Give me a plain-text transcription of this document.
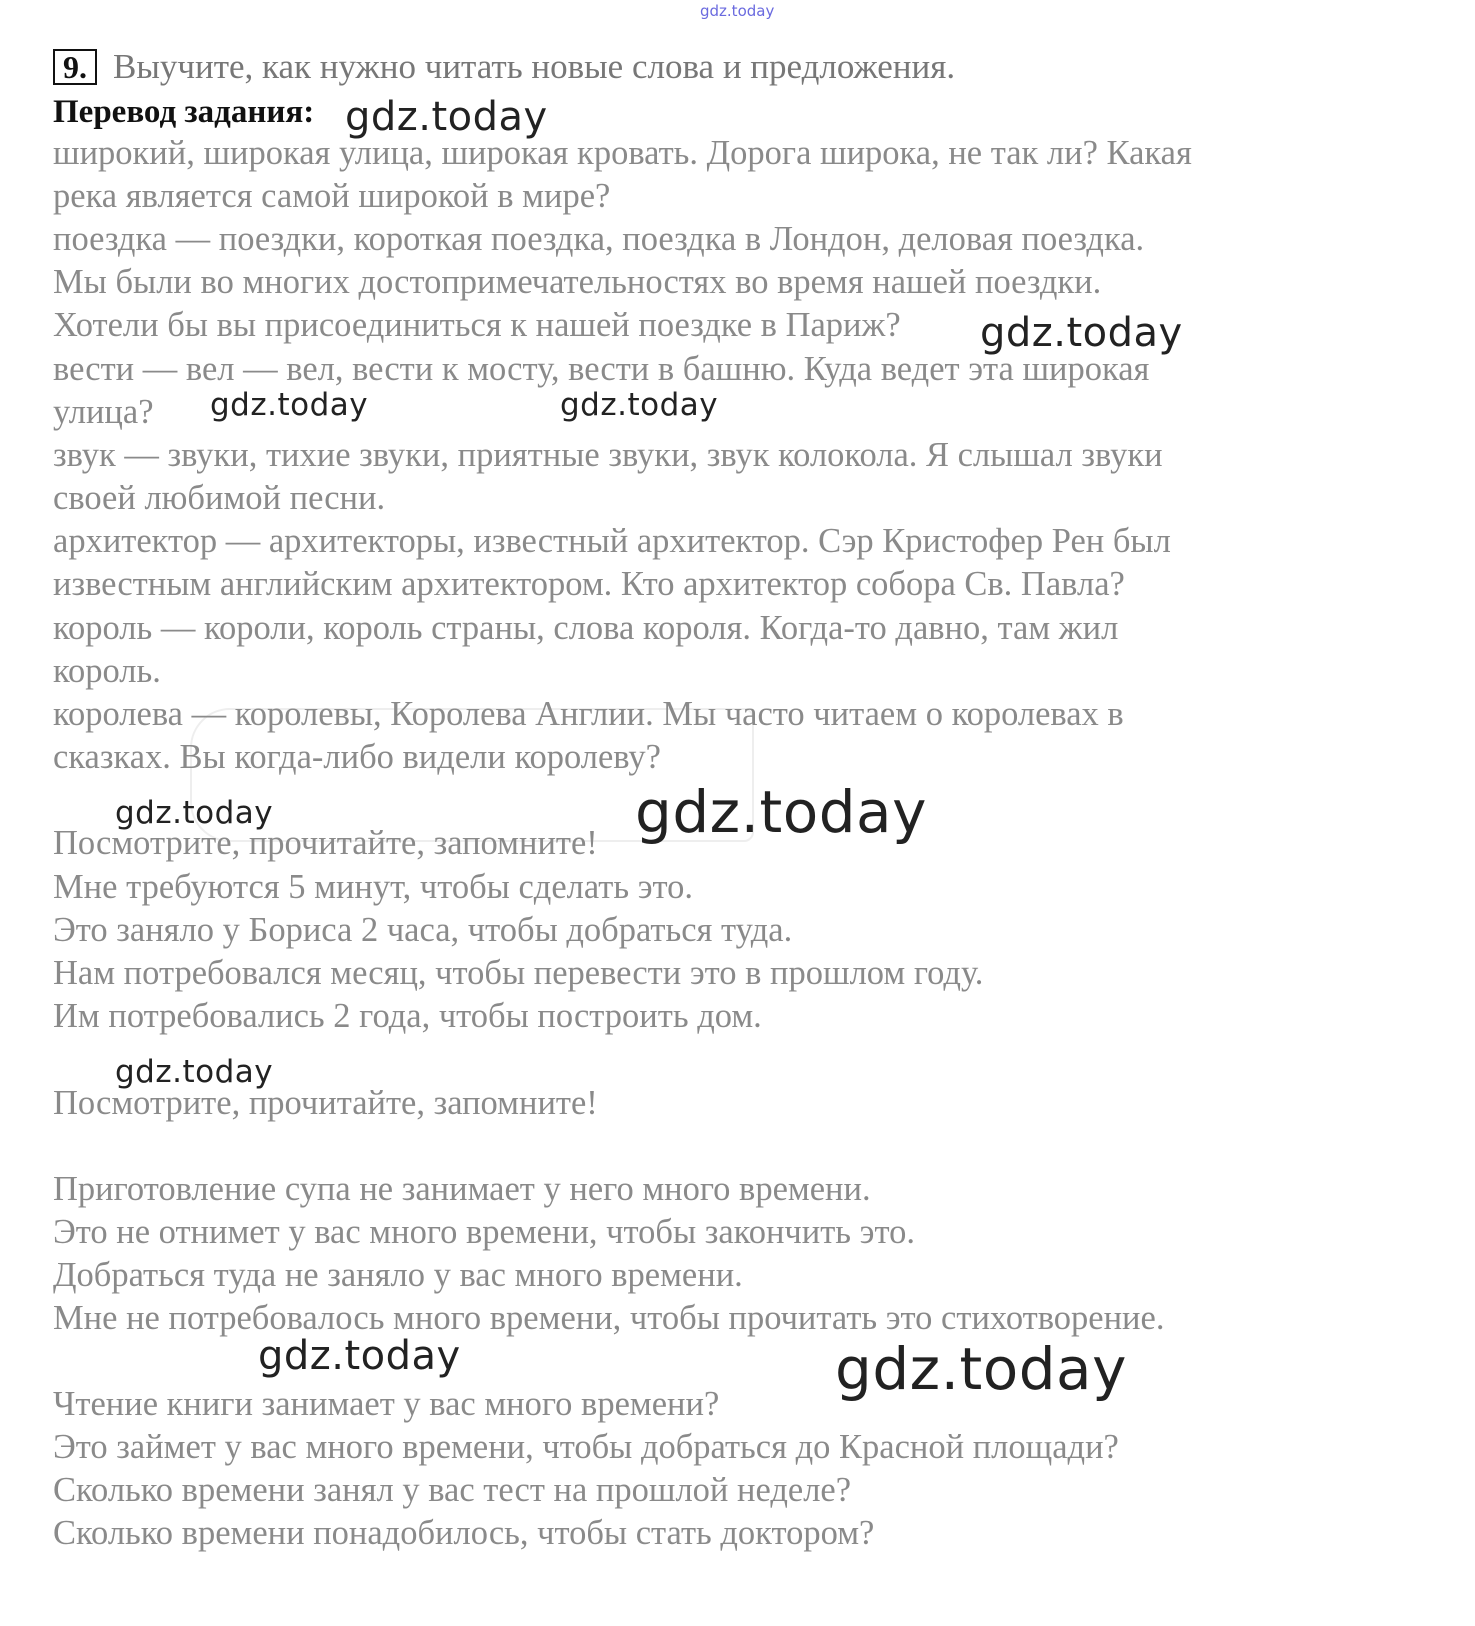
gdz.today
9. Выучите, как нужно читать новые слова и предложения.
Перевод задания:
широкий, широкая улица, широкая кровать. Дорога широка, не так ли? Какая
река является самой широкой в мире?
поездка — поездки, короткая поездка, поездка в Лондон, деловая поездка.
Мы были во многих достопримечательностях во время нашей поездки.
Хотели бы вы присоединиться к нашей поездке в Париж?
вести — вел — вел, вести к мосту, вести в башню. Куда ведет эта широкая
улица?
звук — звуки, тихие звуки, приятные звуки, звук колокола. Я слышал звуки
своей любимой песни.
архитектор — архитекторы, известный архитектор. Сэр Кристофер Рен был
известным английским архитектором. Кто архитектор собора Св. Павла?
король — короли, король страны, слова короля. Когда-то давно, там жил
король.
королева — королевы, Королева Англии. Мы часто читаем о королевах в
сказках. Вы когда-либо видели королеву?
Посмотрите, прочитайте, запомните!
Мне требуются 5 минут, чтобы сделать это.
Это заняло у Бориса 2 часа, чтобы добраться туда.
Нам потребовался месяц, чтобы перевести это в прошлом году.
Им потребовались 2 года, чтобы построить дом.
Посмотрите, прочитайте, запомните!
Приготовление супа не занимает у него много времени.
Это не отнимет у вас много времени, чтобы закончить это.
Добраться туда не заняло у вас много времени.
Мне не потребовалось много времени, чтобы прочитать это стихотворение.
Чтение книги занимает у вас много времени?
Это займет у вас много времени, чтобы добраться до Красной площади?
Сколько времени занял у вас тест на прошлой неделе?
Сколько времени понадобилось, чтобы стать доктором?
gdz.today
gdz.today
gdz.today	gdz.today
gdz.today	gdz.today
gdz.today
gdz.today	gdz.today
